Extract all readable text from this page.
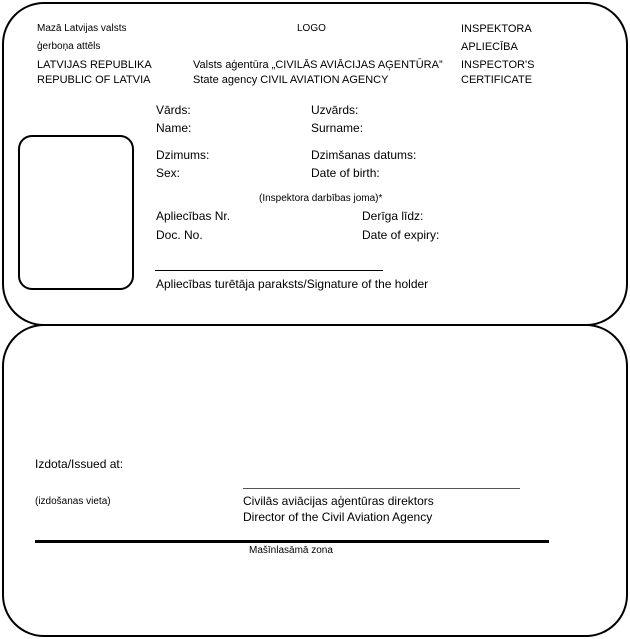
Mazā Latvijas valsts
ģerboņa attēls
LATVIJAS REPUBLIKA
REPUBLIC OF LATVIA
LOGO
Valsts aģentūra „CIVILĀS AVIĀCIJAS AĢENTŪRA”
State agency CIVIL AVIATION AGENCY
INSPEKTORA
APLIECĪBA
INSPECTOR'S
CERTIFICATE
Vārds:
Name:
Uzvārds:
Surname:
Dzimums:
Sex:
Dzimšanas datums:
Date of birth:
(Inspektora darbības joma)*
Apliecības Nr.
Doc. No.
Derīga līdz:
Date of expiry:
Apliecības turētāja paraksts/Signature of the holder
Izdota/Issued at:
(izdošanas vieta)	Civilās aviācijas aģentūras direktors
Director of the Civil Aviation Agency
Mašīnlasāmā zona
